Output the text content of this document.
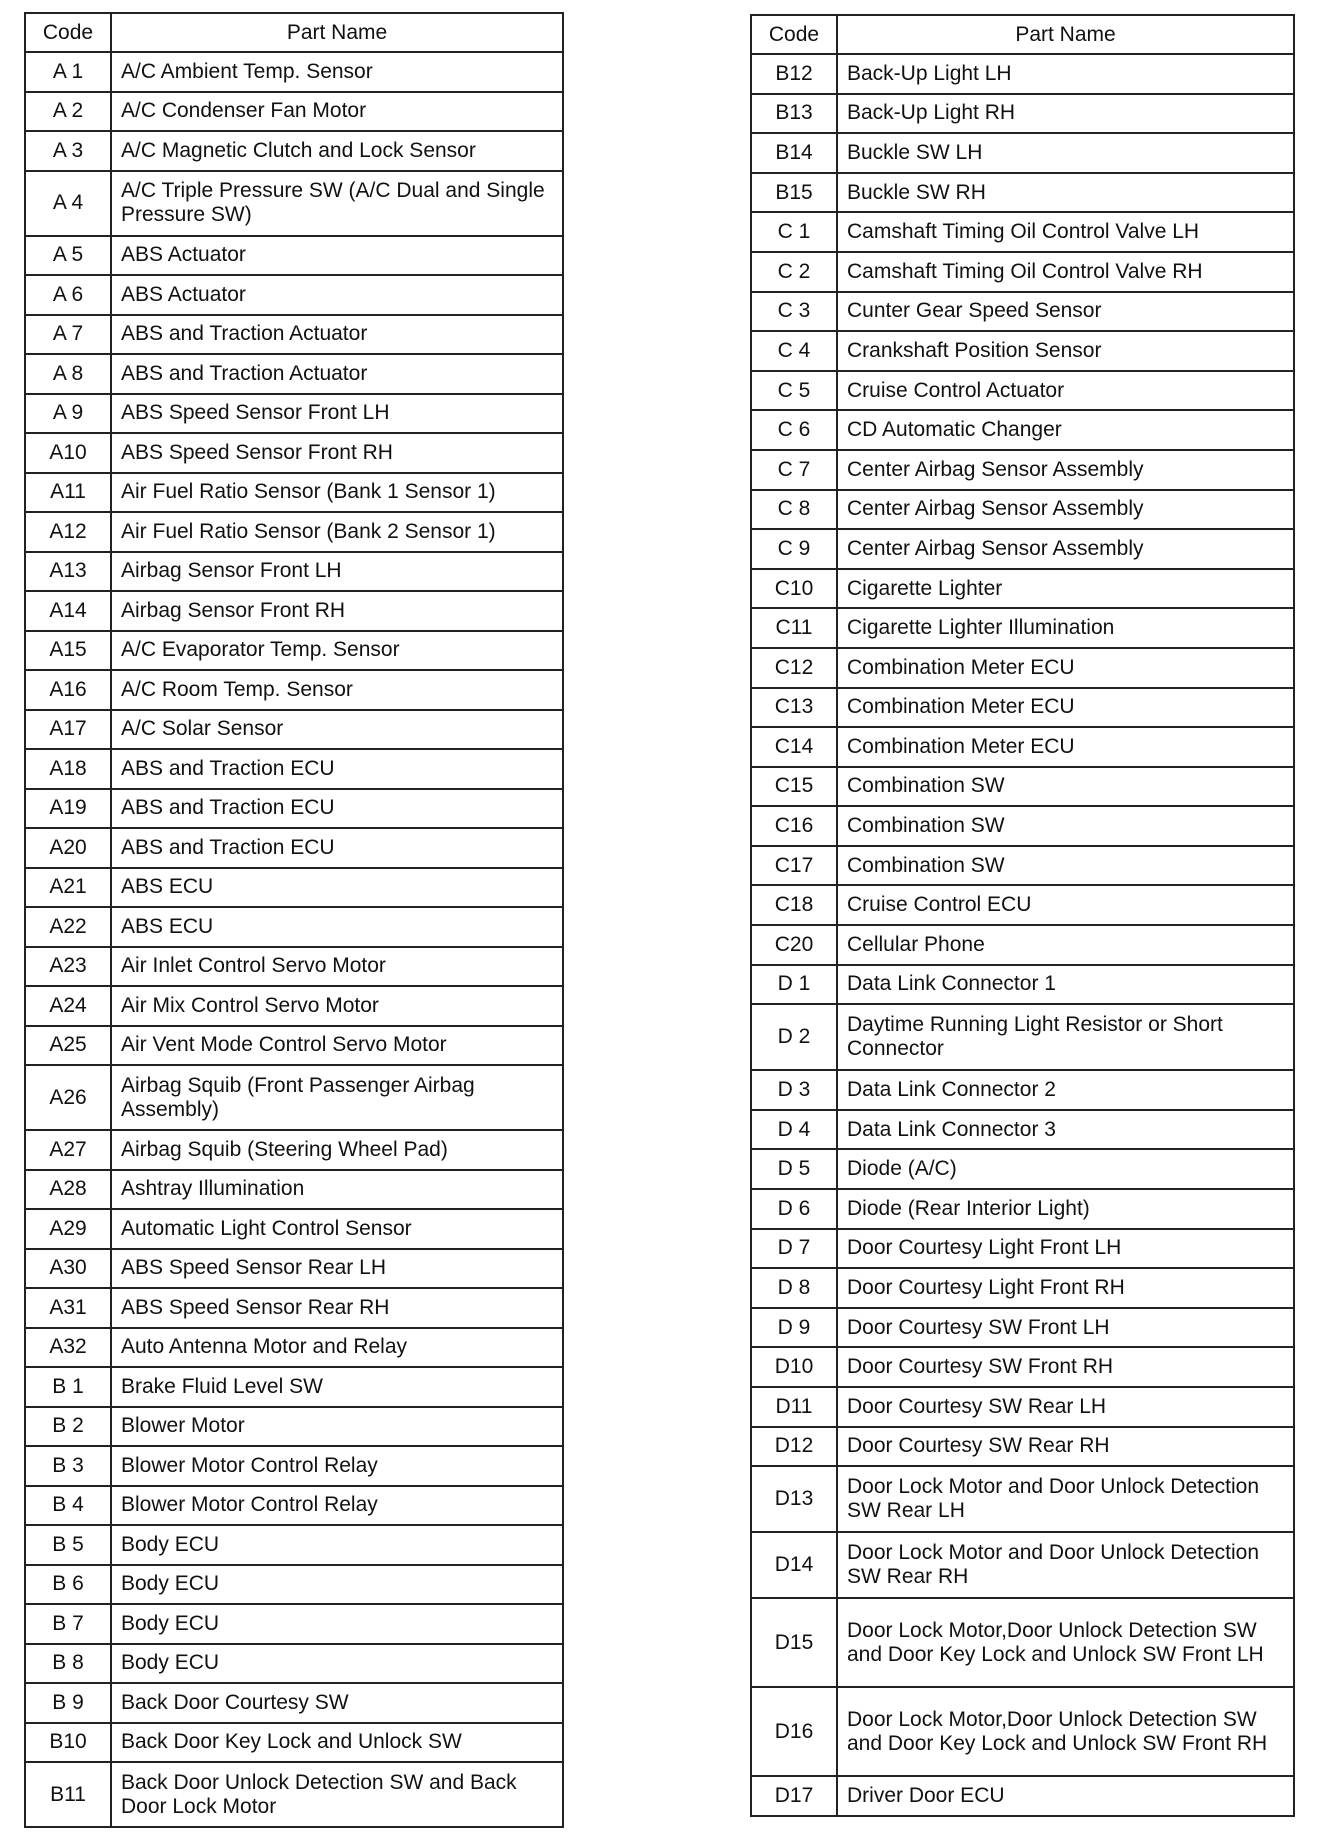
Code	Part Name
A 1	A/C Ambient Temp. Sensor
A 2	A/C Condenser Fan Motor
A 3	A/C Magnetic Clutch and Lock Sensor
A 4	A/C Triple Pressure SW (A/C Dual and Single Pressure SW)
A 5	ABS Actuator
A 6	ABS Actuator
A 7	ABS and Traction Actuator
A 8	ABS and Traction Actuator
A 9	ABS Speed Sensor Front LH
A10	ABS Speed Sensor Front RH
A11	Air Fuel Ratio Sensor (Bank 1 Sensor 1)
A12	Air Fuel Ratio Sensor (Bank 2 Sensor 1)
A13	Airbag Sensor Front LH
A14	Airbag Sensor Front RH
A15	A/C Evaporator Temp. Sensor
A16	A/C Room Temp. Sensor
A17	A/C Solar Sensor
A18	ABS and Traction ECU
A19	ABS and Traction ECU
A20	ABS and Traction ECU
A21	ABS ECU
A22	ABS ECU
A23	Air Inlet Control Servo Motor
A24	Air Mix Control Servo Motor
A25	Air Vent Mode Control Servo Motor
A26	Airbag Squib (Front Passenger Airbag Assembly)
A27	Airbag Squib (Steering Wheel Pad)
A28	Ashtray Illumination
A29	Automatic Light Control Sensor
A30	ABS Speed Sensor Rear LH
A31	ABS Speed Sensor Rear RH
A32	Auto Antenna Motor and Relay
B 1	Brake Fluid Level SW
B 2	Blower Motor
B 3	Blower Motor Control Relay
B 4	Blower Motor Control Relay
B 5	Body ECU
B 6	Body ECU
B 7	Body ECU
B 8	Body ECU
B 9	Back Door Courtesy SW
B10	Back Door Key Lock and Unlock SW
B11	Back Door Unlock Detection SW and Back Door Lock Motor
Code	Part Name
B12	Back-Up Light LH
B13	Back-Up Light RH
B14	Buckle SW LH
B15	Buckle SW RH
C 1	Camshaft Timing Oil Control Valve LH
C 2	Camshaft Timing Oil Control Valve RH
C 3	Cunter Gear Speed Sensor
C 4	Crankshaft Position Sensor
C 5	Cruise Control Actuator
C 6	CD Automatic Changer
C 7	Center Airbag Sensor Assembly
C 8	Center Airbag Sensor Assembly
C 9	Center Airbag Sensor Assembly
C10	Cigarette Lighter
C11	Cigarette Lighter Illumination
C12	Combination Meter ECU
C13	Combination Meter ECU
C14	Combination Meter ECU
C15	Combination SW
C16	Combination SW
C17	Combination SW
C18	Cruise Control ECU
C20	Cellular Phone
D 1	Data Link Connector 1
D 2	Daytime Running Light Resistor or Short Connector
D 3	Data Link Connector 2
D 4	Data Link Connector 3
D 5	Diode (A/C)
D 6	Diode (Rear Interior Light)
D 7	Door Courtesy Light Front LH
D 8	Door Courtesy Light Front RH
D 9	Door Courtesy SW Front LH
D10	Door Courtesy SW Front RH
D11	Door Courtesy SW Rear LH
D12	Door Courtesy SW Rear RH
D13	Door Lock Motor and Door Unlock Detection SW Rear LH
D14	Door Lock Motor and Door Unlock Detection SW Rear RH
D15	Door Lock Motor,Door Unlock Detection SW and Door Key Lock and Unlock SW Front LH
D16	Door Lock Motor,Door Unlock Detection SW and Door Key Lock and Unlock SW Front RH
D17	Driver Door ECU
